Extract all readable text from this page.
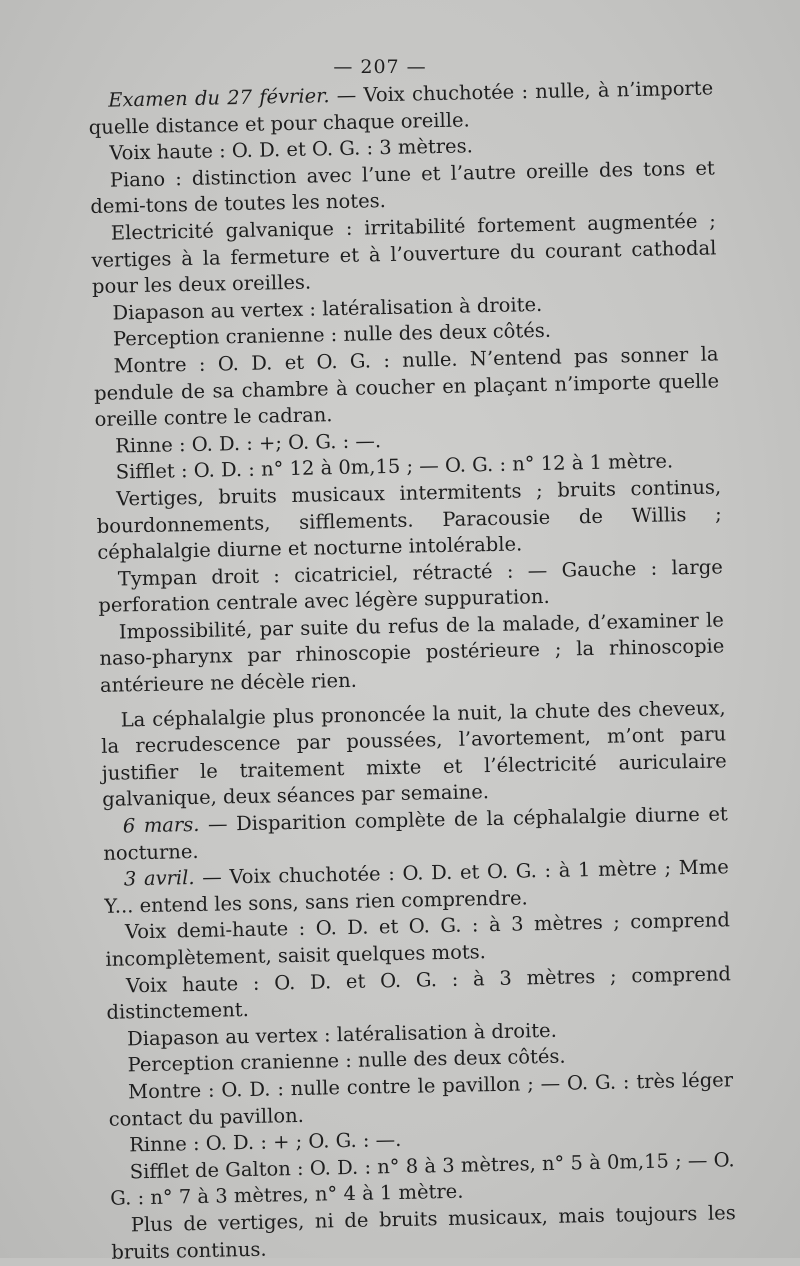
— 207 —

Examen du 27 février. — Voix chuchotée : nulle, à n’importe quelle distance et pour chaque oreille.

Voix haute : O. D. et O. G. : 3 mètres.

Piano : distinction avec l’une et l’autre oreille des tons et demi-tons de toutes les notes.

Electricité galvanique : irritabilité fortement augmentée ; vertiges à la fermeture et à l’ouverture du courant cathodal pour les deux oreilles.

Diapason au vertex : latéralisation à droite.

Perception cranienne : nulle des deux côtés.

Montre : O. D. et O. G. : nulle. N’entend pas sonner la pendule de sa chambre à coucher en plaçant n’importe quelle oreille contre le cadran.

Rinne : O. D. : +; O. G. : —.

Sifflet : O. D. : n° 12 à 0m,15 ; — O. G. : n° 12 à 1 mètre.

Vertiges, bruits musicaux intermitents ; bruits continus, bourdonnements, sifflements. Paracousie de Willis ; céphalalgie diurne et nocturne intolérable.

Tympan droit : cicatriciel, rétracté : — Gauche : large perforation centrale avec légère suppuration.

Impossibilité, par suite du refus de la malade, d’examiner le naso-pharynx par rhinoscopie postérieure ; la rhinoscopie antérieure ne décèle rien.

La céphalalgie plus prononcée la nuit, la chute des cheveux, la recrudescence par poussées, l’avortement, m’ont paru justifier le traitement mixte et l’électricité auriculaire galvanique, deux séances par semaine.

6 mars. — Disparition complète de la céphalalgie diurne et nocturne.

3 avril. — Voix chuchotée : O. D. et O. G. : à 1 mètre ; Mme Y... entend les sons, sans rien comprendre.

Voix demi-haute : O. D. et O. G. : à 3 mètres ; comprend incomplètement, saisit quelques mots.

Voix haute : O. D. et O. G. : à 3 mètres ; comprend distinctement.

Diapason au vertex : latéralisation à droite.

Perception cranienne : nulle des deux côtés.

Montre : O. D. : nulle contre le pavillon ; — O. G. : très léger contact du pavillon.

Rinne : O. D. : + ; O. G. : —.

Sifflet de Galton : O. D. : n° 8 à 3 mètres, n° 5 à 0m,15 ; — O. G. : n° 7 à 3 mètres, n° 4 à 1 mètre.

Plus de vertiges, ni de bruits musicaux, mais toujours les bruits continus.
